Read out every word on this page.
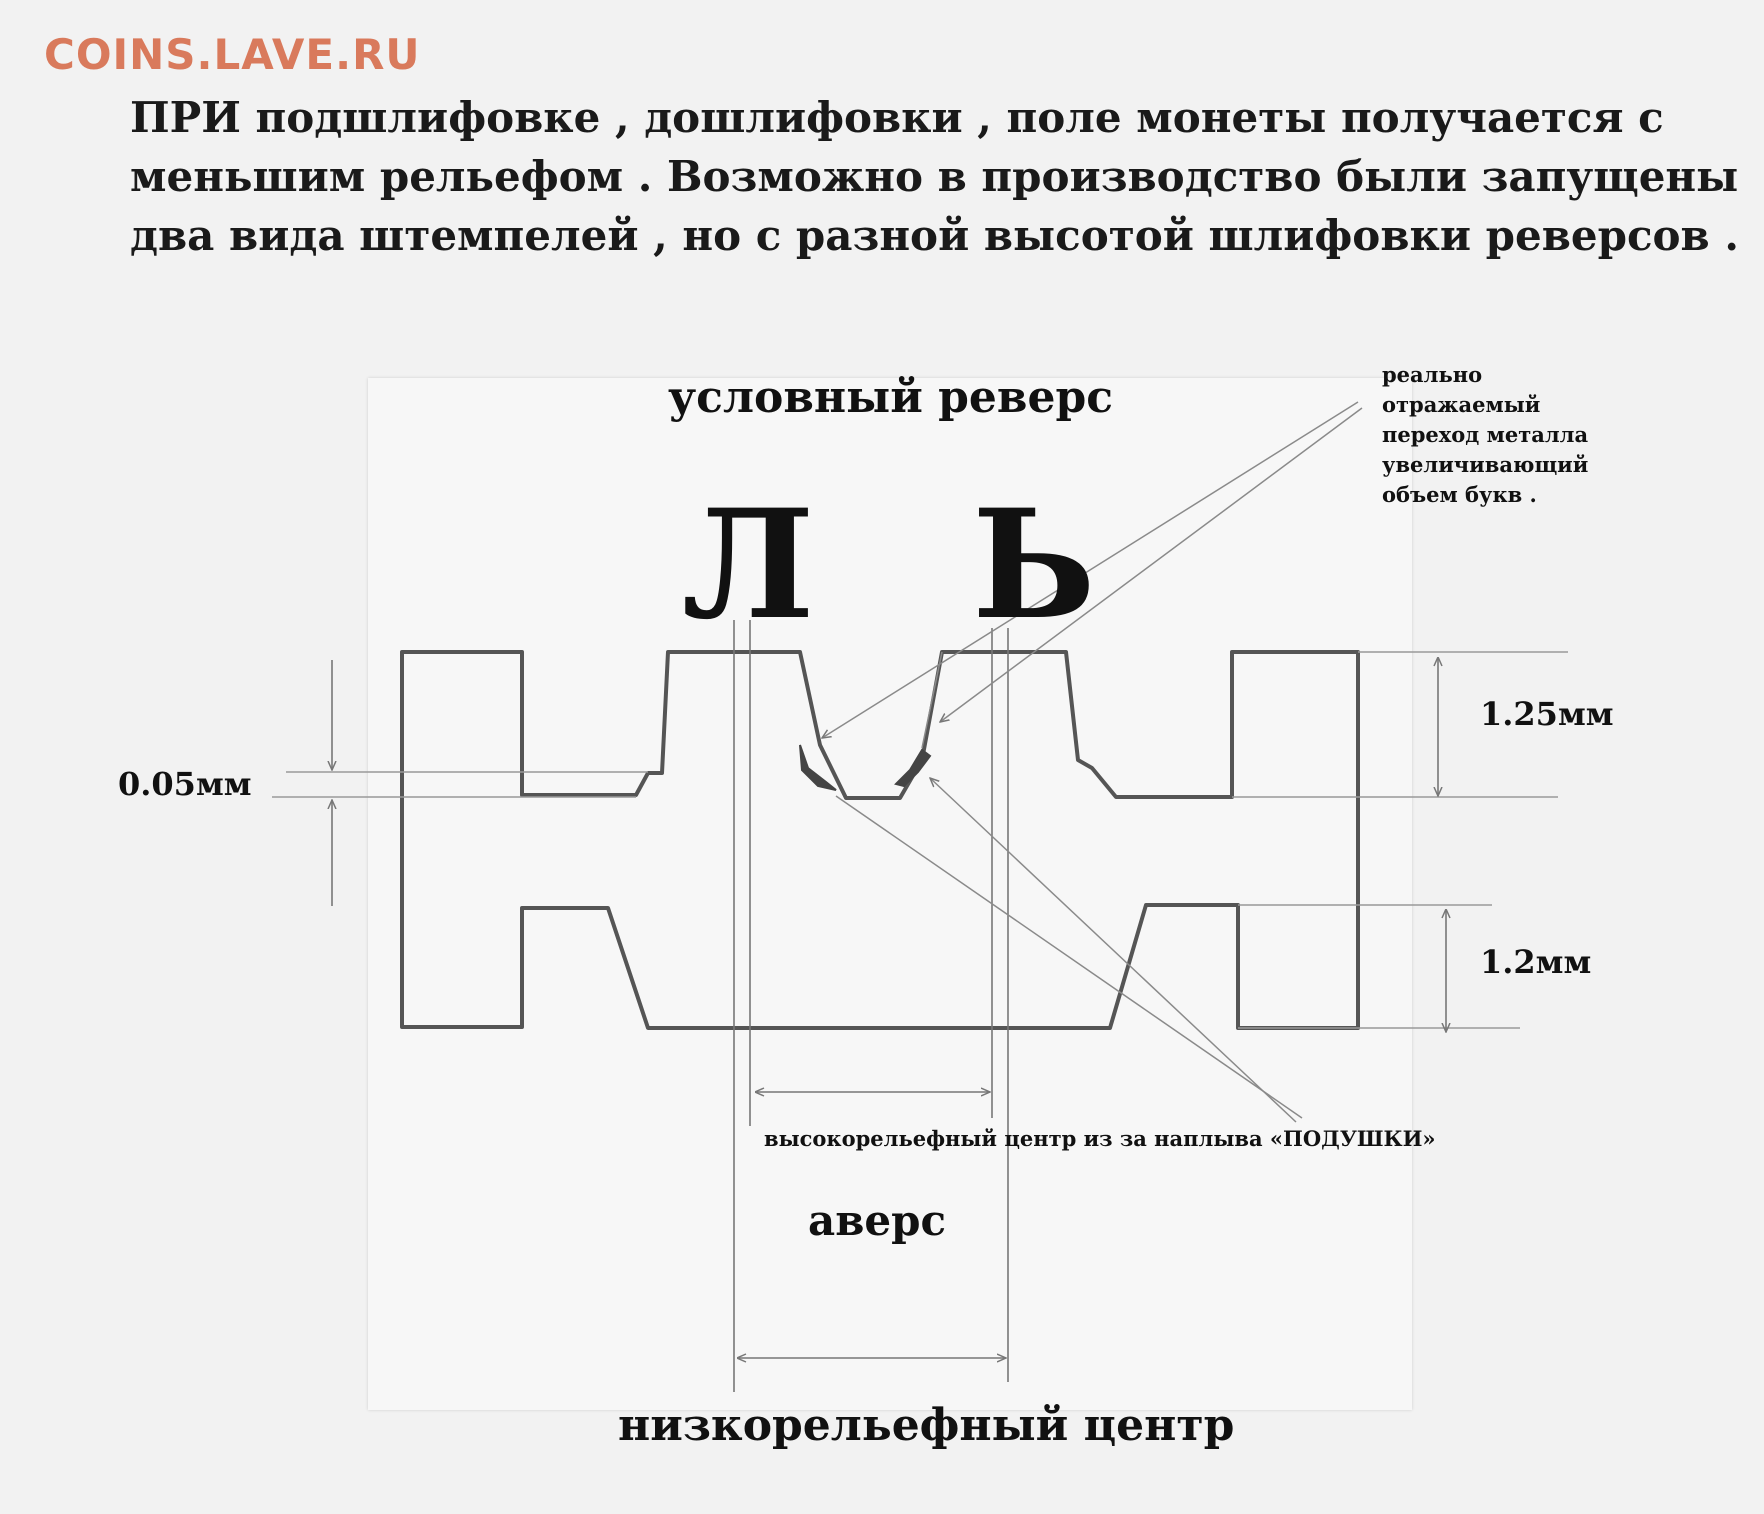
COINS.LAVE.RU
ПРИ подшлифовке , дошлифовки , поле монеты получается с
меньшим рельефом . Возможно в производство были запущены
два вида штемпелей , но с разной высотой шлифовки реверсов .
условный реверс
Л Ь
0.05мм
1.25мм
1.2мм
реально
отражаемый
переход металла
увеличивающий
объем букв .
высокорельефный центр из за наплыва «ПОДУШКИ»
аверс
низкорельефный центр
